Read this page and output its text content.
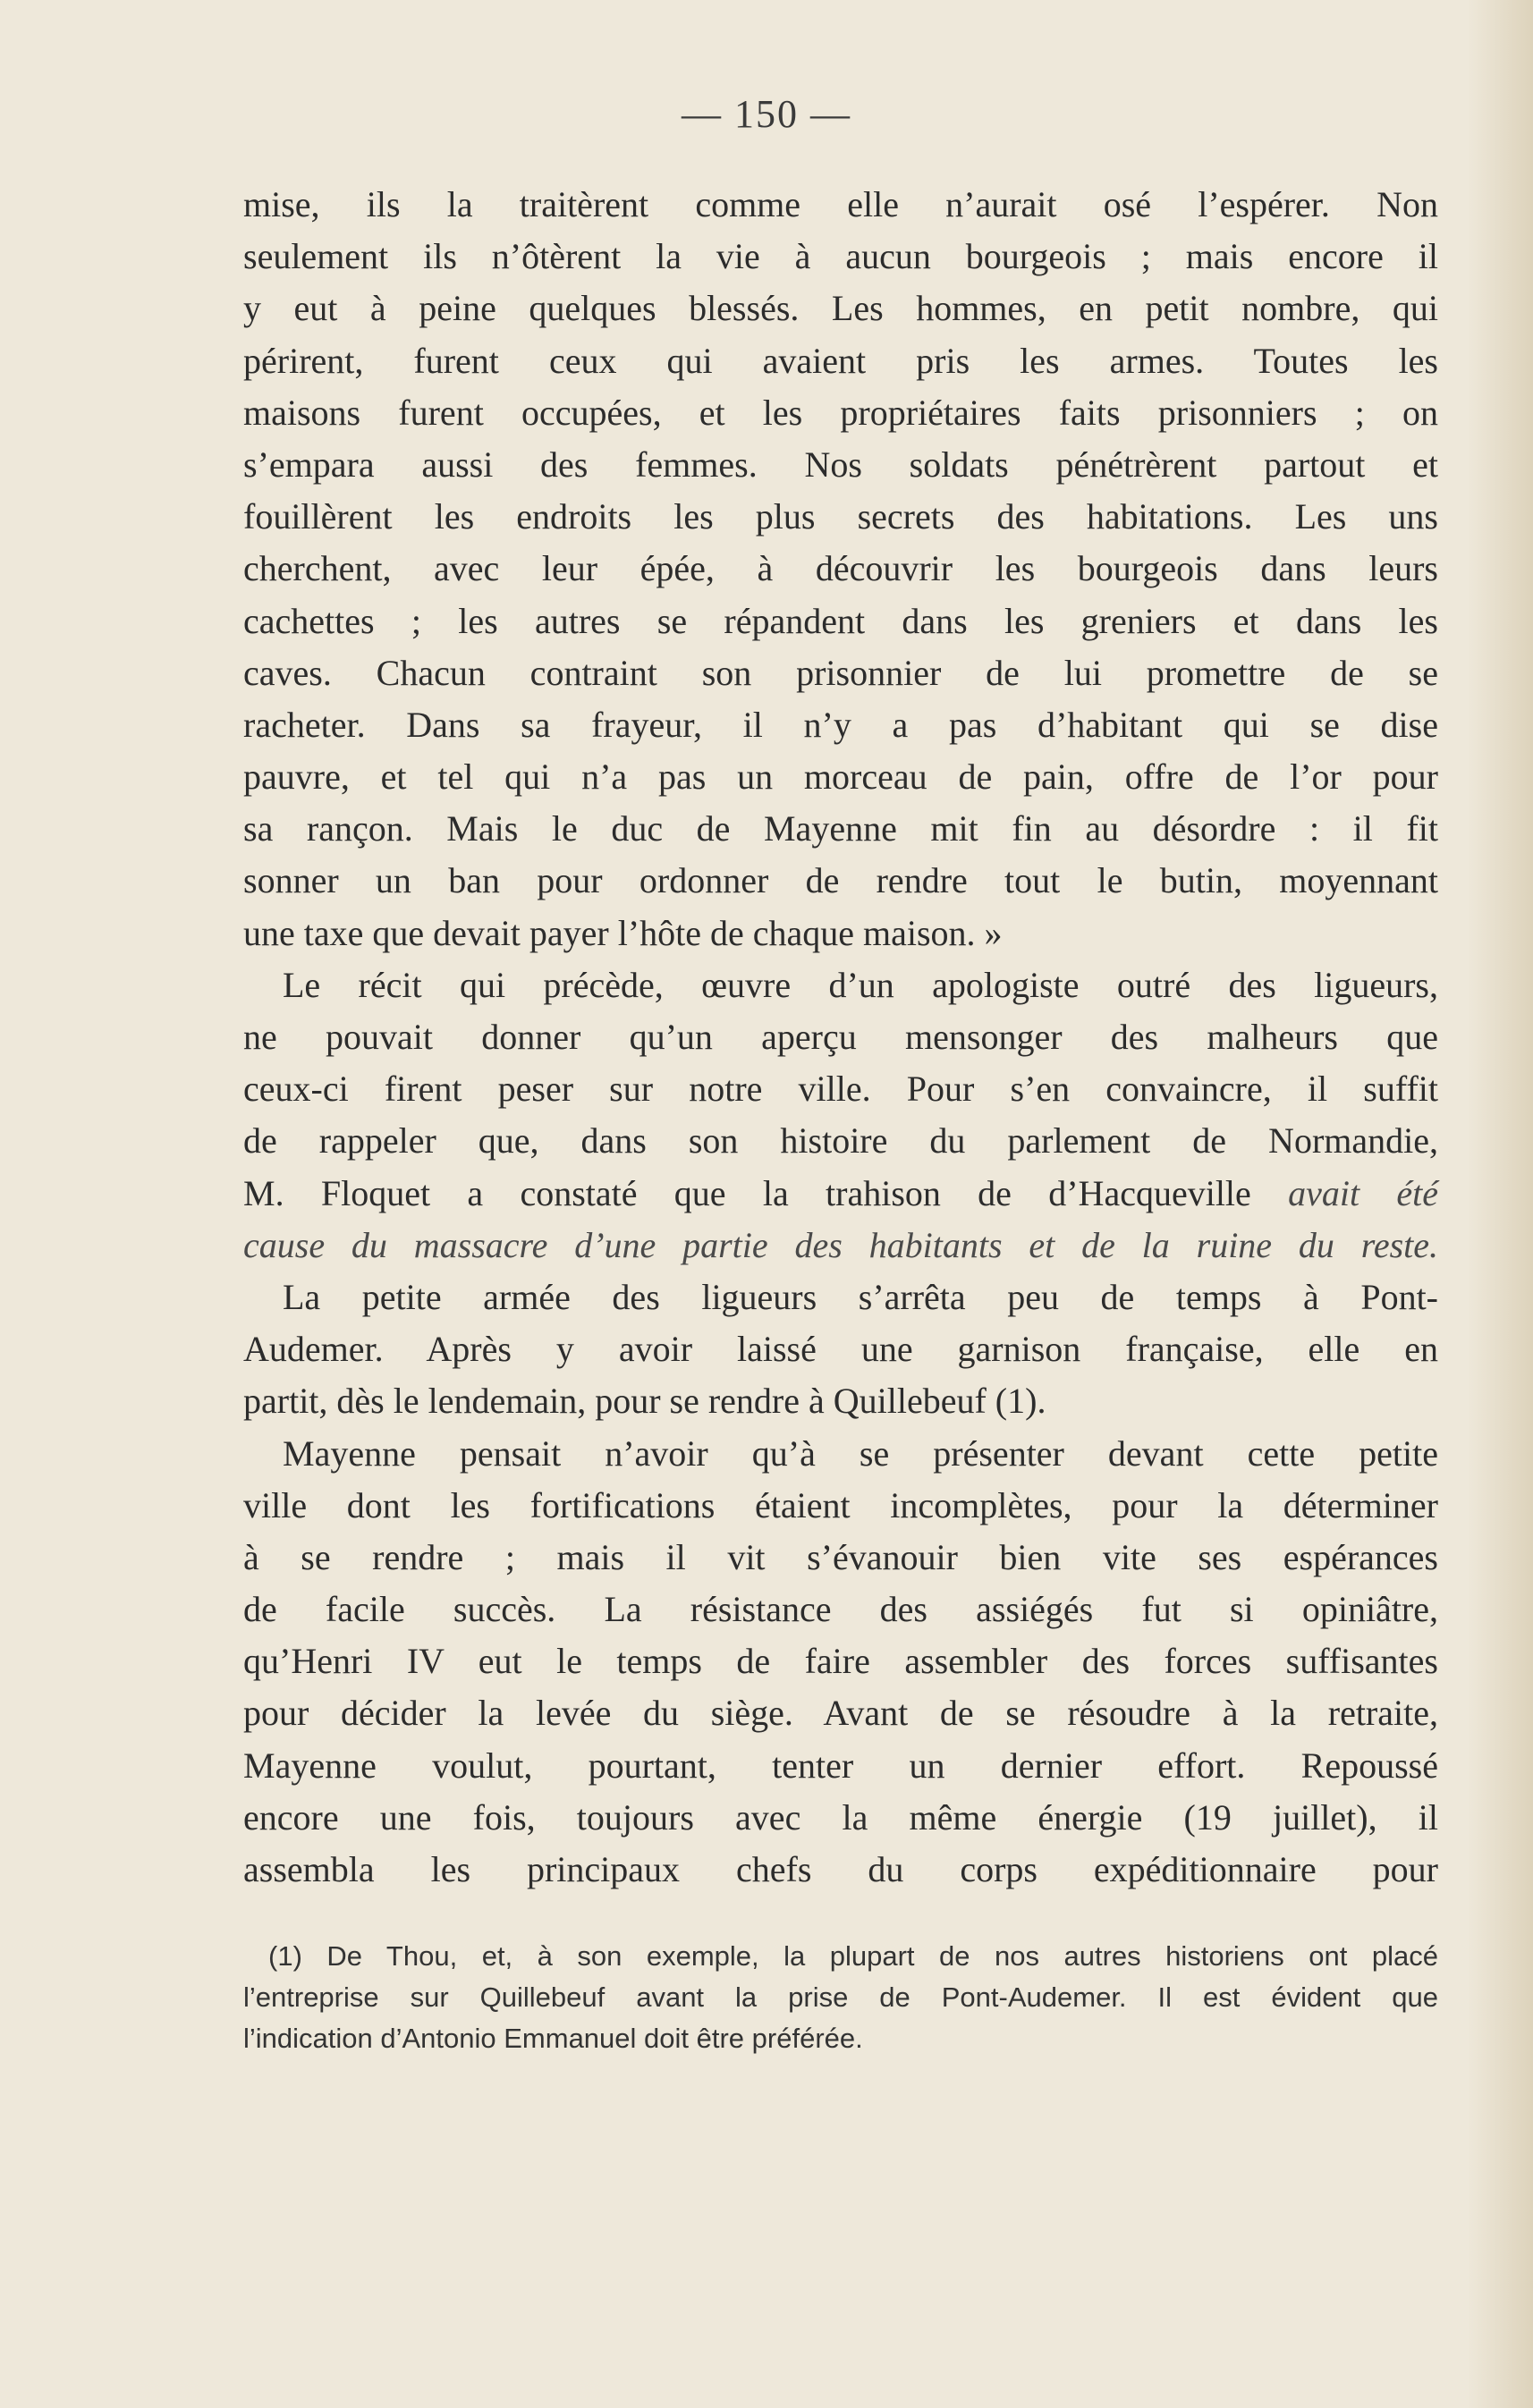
— 150 —
mise, ils la traitèrent comme elle n’aurait osé l’espérer. Non
seulement ils n’ôtèrent la vie à aucun bourgeois ; mais encore il
y eut à peine quelques blessés. Les hommes, en petit nombre, qui
périrent, furent ceux qui avaient pris les armes. Toutes les
maisons furent occupées, et les propriétaires faits prisonniers ; on
s’empara aussi des femmes. Nos soldats pénétrèrent partout et
fouillèrent les endroits les plus secrets des habitations. Les uns
cherchent, avec leur épée, à découvrir les bourgeois dans leurs
cachettes ; les autres se répandent dans les greniers et dans les
caves. Chacun contraint son prisonnier de lui promettre de se
racheter. Dans sa frayeur, il n’y a pas d’habitant qui se dise
pauvre, et tel qui n’a pas un morceau de pain, offre de l’or pour
sa rançon. Mais le duc de Mayenne mit fin au désordre : il fit
sonner un ban pour ordonner de rendre tout le butin, moyennant
une taxe que devait payer l’hôte de chaque maison. »
Le récit qui précède, œuvre d’un apologiste outré des ligueurs,
ne pouvait donner qu’un aperçu mensonger des malheurs que
ceux-ci firent peser sur notre ville. Pour s’en convaincre, il suffit
de rappeler que, dans son histoire du parlement de Normandie,
M. Floquet a constaté que la trahison de d’Hacqueville avait été
cause du massacre d’une partie des habitants et de la ruine du reste.
La petite armée des ligueurs s’arrêta peu de temps à Pont-
Audemer. Après y avoir laissé une garnison française, elle en
partit, dès le lendemain, pour se rendre à Quillebeuf (1).
Mayenne pensait n’avoir qu’à se présenter devant cette petite
ville dont les fortifications étaient incomplètes, pour la déterminer
à se rendre ; mais il vit s’évanouir bien vite ses espérances
de facile succès. La résistance des assiégés fut si opiniâtre,
qu’Henri IV eut le temps de faire assembler des forces suffisantes
pour décider la levée du siège. Avant de se résoudre à la retraite,
Mayenne voulut, pourtant, tenter un dernier effort. Repoussé
encore une fois, toujours avec la même énergie (19 juillet), il
assembla les principaux chefs du corps expéditionnaire pour
(1) De Thou, et, à son exemple, la plupart de nos autres historiens ont placé
l’entreprise sur Quillebeuf avant la prise de Pont-Audemer. Il est évident que
l’indication d’Antonio Emmanuel doit être préférée.
